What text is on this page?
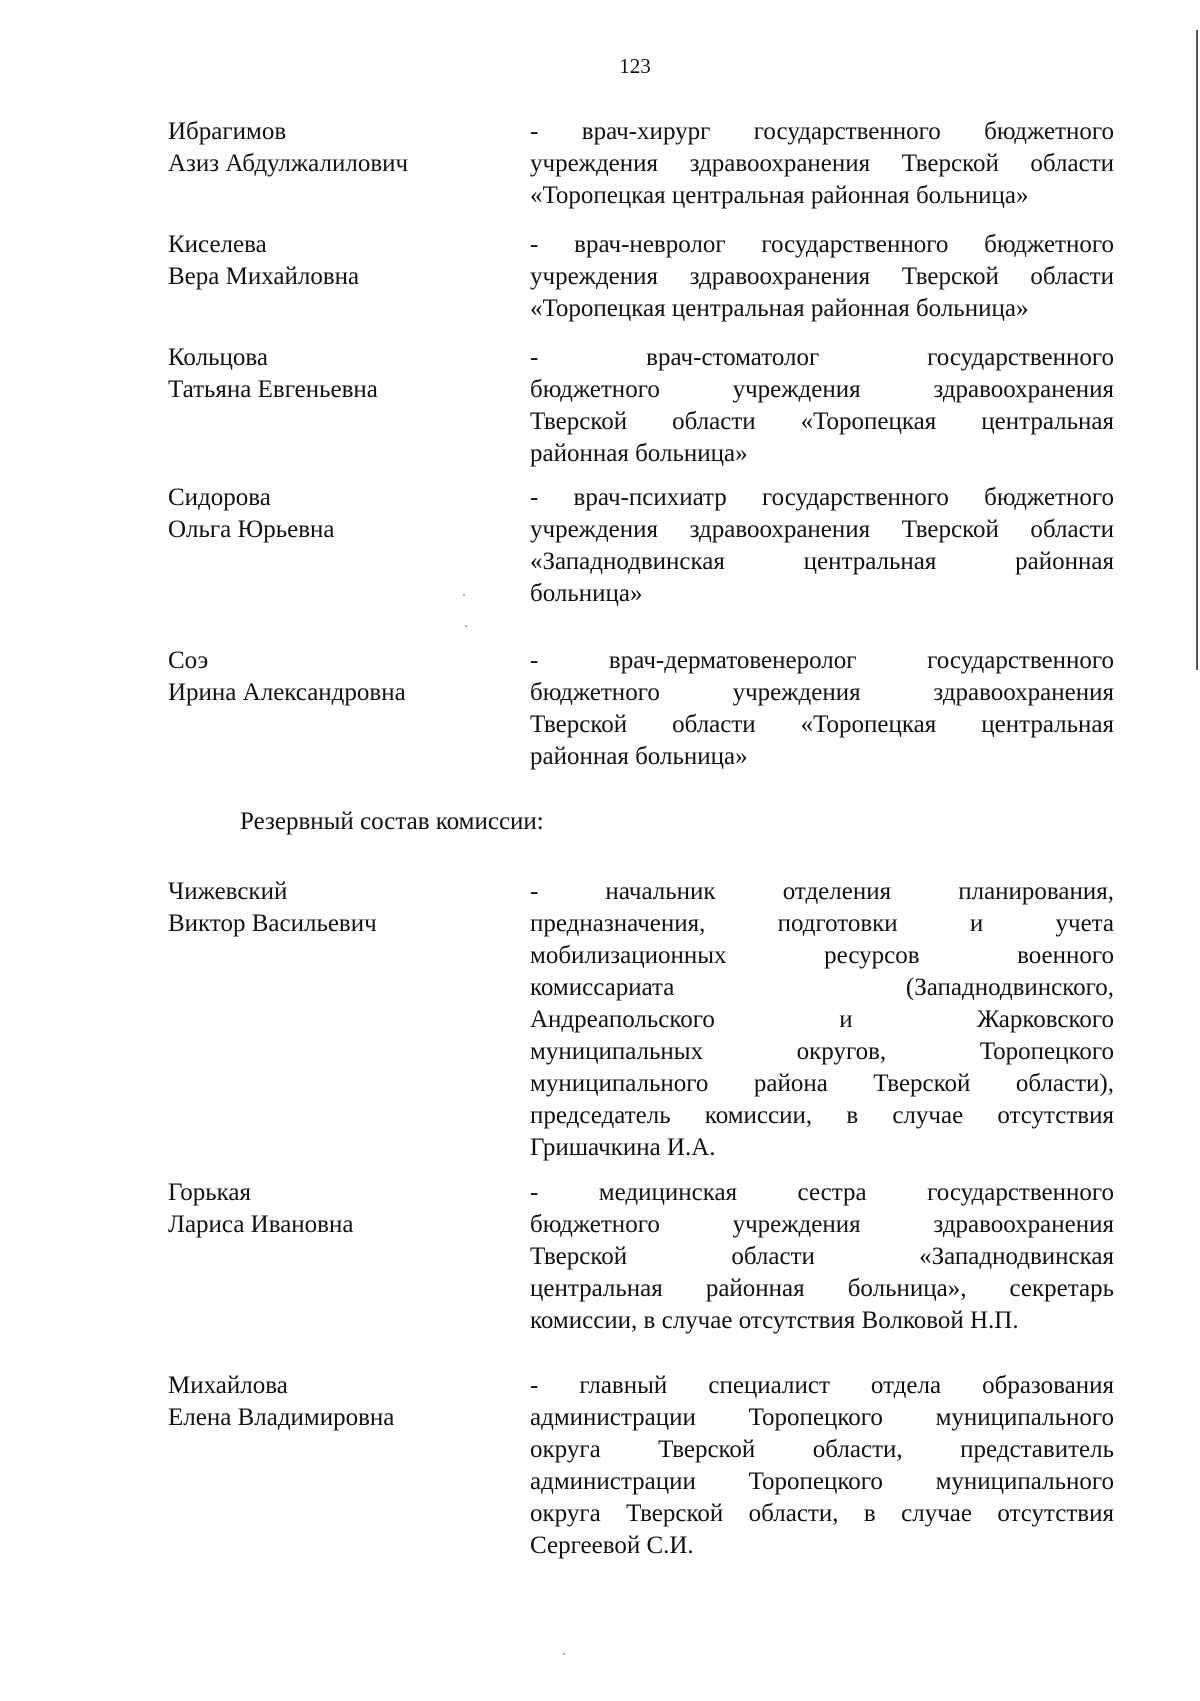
123
Ибрагимов
Азиз Абдулжалилович
- врач-хирург государственного бюджетного
учреждения здравоохранения Тверской области
«Торопецкая центральная районная больница»
Киселева
Вера Михайловна
- врач-невролог государственного бюджетного
учреждения здравоохранения Тверской области
«Торопецкая центральная районная больница»
Кольцова
Татьяна Евгеньевна
- врач-стоматолог государственного
бюджетного учреждения здравоохранения
Тверской области «Торопецкая центральная
районная больница»
Сидорова
Ольга Юрьевна
- врач-психиатр государственного бюджетного
учреждения здравоохранения Тверской области
«Западнодвинская центральная районная
больница»
Соэ
Ирина Александровна
- врач-дерматовенеролог государственного
бюджетного учреждения здравоохранения
Тверской области «Торопецкая центральная
районная больница»
Резервный состав комиссии:
Чижевский
Виктор Васильевич
- начальник отделения планирования,
предназначения, подготовки и учета
мобилизационных ресурсов военного
комиссариата (Западнодвинского,
Андреапольского и Жарковского
муниципальных округов, Торопецкого
муниципального района Тверской области),
председатель комиссии, в случае отсутствия
Гришачкина И.А.
Горькая
Лариса Ивановна
- медицинская сестра государственного
бюджетного учреждения здравоохранения
Тверской области «Западнодвинская
центральная районная больница», секретарь
комиссии, в случае отсутствия Волковой Н.П.
Михайлова
Елена Владимировна
- главный специалист отдела образования
администрации Торопецкого муниципального
округа Тверской области, представитель
администрации Торопецкого муниципального
округа Тверской области, в случае отсутствия
Сергеевой С.И.
